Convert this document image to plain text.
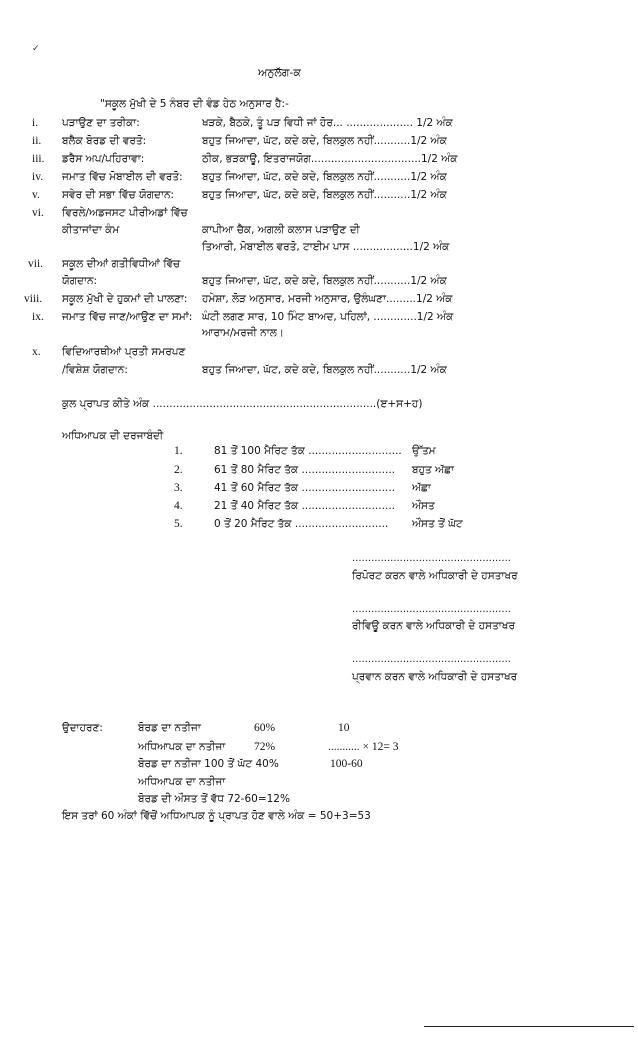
✓
ਅਨੁਲੱਗ-ਕ
"ਸਕੂਲ ਮੁੱਖੀ ਦੇ 5 ਨੰਬਰ ਦੀ ਵੰਡ ਹੇਠ ਅਨੁਸਾਰ ਹੈ:-
i. ਪੜਾਉਣ ਦਾ ਤਰੀਕਾ:	ਖੜਕੇ, ਬੈਠਕੇ, ਤੂੰ ਪੜ ਵਿਧੀ ਜਾਂ ਹੋਰ... .................... 1/2 ਅੰਕ
ii. ਬਲੈਕ ਬੋਰਡ ਦੀ ਵਰਤੋ:	ਬਹੁਤ ਜਿਆਦਾ, ਘੱਟ, ਕਦੇ ਕਦੇ, ਬਿਲਕੁਲ ਨਹੀਂ...........1/2 ਅੰਕ
iii. ਡਰੈਸ ਅਪ/ਪਹਿਰਾਵਾ:	ਠੀਕ, ਭੜਕਾਊ, ਇਤਰਾਜਯੋਗ.................................1/2 ਅੰਕ
iv. ਜਮਾਤ ਵਿੱਚ ਮੋਬਾਈਲ ਦੀ ਵਰਤੋ: ਬਹੁਤ ਜਿਆਦਾ, ਘੱਟ, ਕਦੇ ਕਦੇ, ਬਿਲਕੁਲ ਨਹੀਂ...........1/2 ਅੰਕ
v. ਸਵੇਰ ਦੀ ਸਭਾ ਵਿੱਚ ਯੋਗਦਾਨ:	ਬਹੁਤ ਜਿਆਦਾ, ਘੱਟ, ਕਦੇ ਕਦੇ, ਬਿਲਕੁਲ ਨਹੀਂ...........1/2 ਅੰਕ
vi. ਵਿਰਲੇ/ਅਡਜਸਟ ਪੀਰੀਅਡਾਂ ਵਿੱਚ
ਕੀਤਾਜਾਂਦਾ ਕੰਮ	ਕਾਪੀਆ ਚੈਕ, ਅਗਲੀ ਕਲਾਸ ਪੜਾਉਣ ਦੀ
ਤਿਆਰੀ, ਮੋਬਾਈਲ ਵਰਤੋ, ਟਾਈਮ ਪਾਸ ..................1/2 ਅੰਕ
vii. ਸਕੂਲ ਦੀਆਂ ਗਤੀਵਿਧੀਆਂ ਵਿੱਚ
ਯੋਗਦਾਨ:	ਬਹੁਤ ਜਿਆਦਾ, ਘੱਟ, ਕਦੇ ਕਦੇ, ਬਿਲਕੁਲ ਨਹੀਂ...........1/2 ਅੰਕ
viii. ਸਕੂਲ ਮੁੱਖੀ ਦੇ ਹੁਕਮਾਂ ਦੀ ਪਾਲਣਾ: ਹਮੇਸ਼ਾ, ਲੋੜ ਅਨੁਸਾਰ, ਮਰਜੀ ਅਨੁਸਾਰ, ਉਲੰਘਣਾ.........1/2 ਅੰਕ
ix. ਜਮਾਤ ਵਿੱਚ ਜਾਣ/ਆਉਣ ਦਾ ਸਮਾਂ: ਘੰਟੀ ਲਗਣ ਸਾਰ, 10 ਮਿੰਟ ਬਾਅਦ, ਪਹਿਲਾਂ, .............1/2 ਅੰਕ
ਆਰਾਮ/ਮਰਜੀ ਨਾਲ।
x. ਵਿਦਿਆਰਥੀਆਂ ਪ੍ਰਤੀ ਸਮਰਪਣ
/ਵਿਸ਼ੇਸ਼ ਯੋਗਦਾਨ:	ਬਹੁਤ ਜਿਆਦਾ, ਘੱਟ, ਕਦੇ ਕਦੇ, ਬਿਲਕੁਲ ਨਹੀਂ...........1/2 ਅੰਕ
ਕੁਲ ਪ੍ਰਾਪਤ ਕੀਤੇ ਅੰਕ ...................................................................(ੲ+ਸ+ਹ)
ਅਧਿਆਪਕ ਦੀ ਦਰਜਾਬੰਦੀ
1.	81 ਤੋਂ 100 ਮੈਰਿਟ ਤੱਕ ............................ ਉੱਤਮ
2.	61 ਤੋਂ 80 ਮੈਰਿਟ ਤੱਕ ............................ ਬਹੁਤ ਅੱਛਾ
3.	41 ਤੋਂ 60 ਮੈਰਿਟ ਤੱਕ ............................ ਅੱਛਾ
4.	21 ਤੋਂ 40 ਮੈਰਿਟ ਤੱਕ ............................ ਔਸਤ
5.	0 ਤੋਂ 20 ਮੈਰਿਟ ਤੱਕ ............................ ਔਸਤ ਤੋਂ ਘੱਟ
..................................................
ਰਿਪੋਰਟ ਕਰਨ ਵਾਲੇ ਅਧਿਕਾਰੀ ਦੇ ਹਸਤਾਖਰ
..................................................
ਰੀਵਿਊ ਕਰਨ ਵਾਲੇ ਅਧਿਕਾਰੀ ਦੇ ਹਸਤਾਖਰ
..................................................
ਪ੍ਰਵਾਨ ਕਰਨ ਵਾਲੇ ਅਧਿਕਾਰੀ ਦੇ ਹਸਤਾਖਰ
ਉਦਾਹਰਣ:	ਬੋਰਡ ਦਾ ਨਤੀਜਾ	60%	10
ਅਧਿਆਪਕ ਦਾ ਨਤੀਜਾ 72%	........... × 12= 3
ਬੋਰਡ ਦਾ ਨਤੀਜਾ 100 ਤੋਂ ਘੱਟ 40%	100-60
ਅਧਿਆਪਕ ਦਾ ਨਤੀਜਾ
ਬੋਰਡ ਦੀ ਔਸਤ ਤੋਂ ਵੱਧ 72-60=12%
ਇਸ ਤਰਾਂ 60 ਅੰਕਾਂ ਵਿੱਚੋਂ ਅਧਿਆਪਕ ਨੂੰ ਪ੍ਰਾਪਤ ਹੋਣ ਵਾਲੇ ਅੰਕ = 50+3=53
